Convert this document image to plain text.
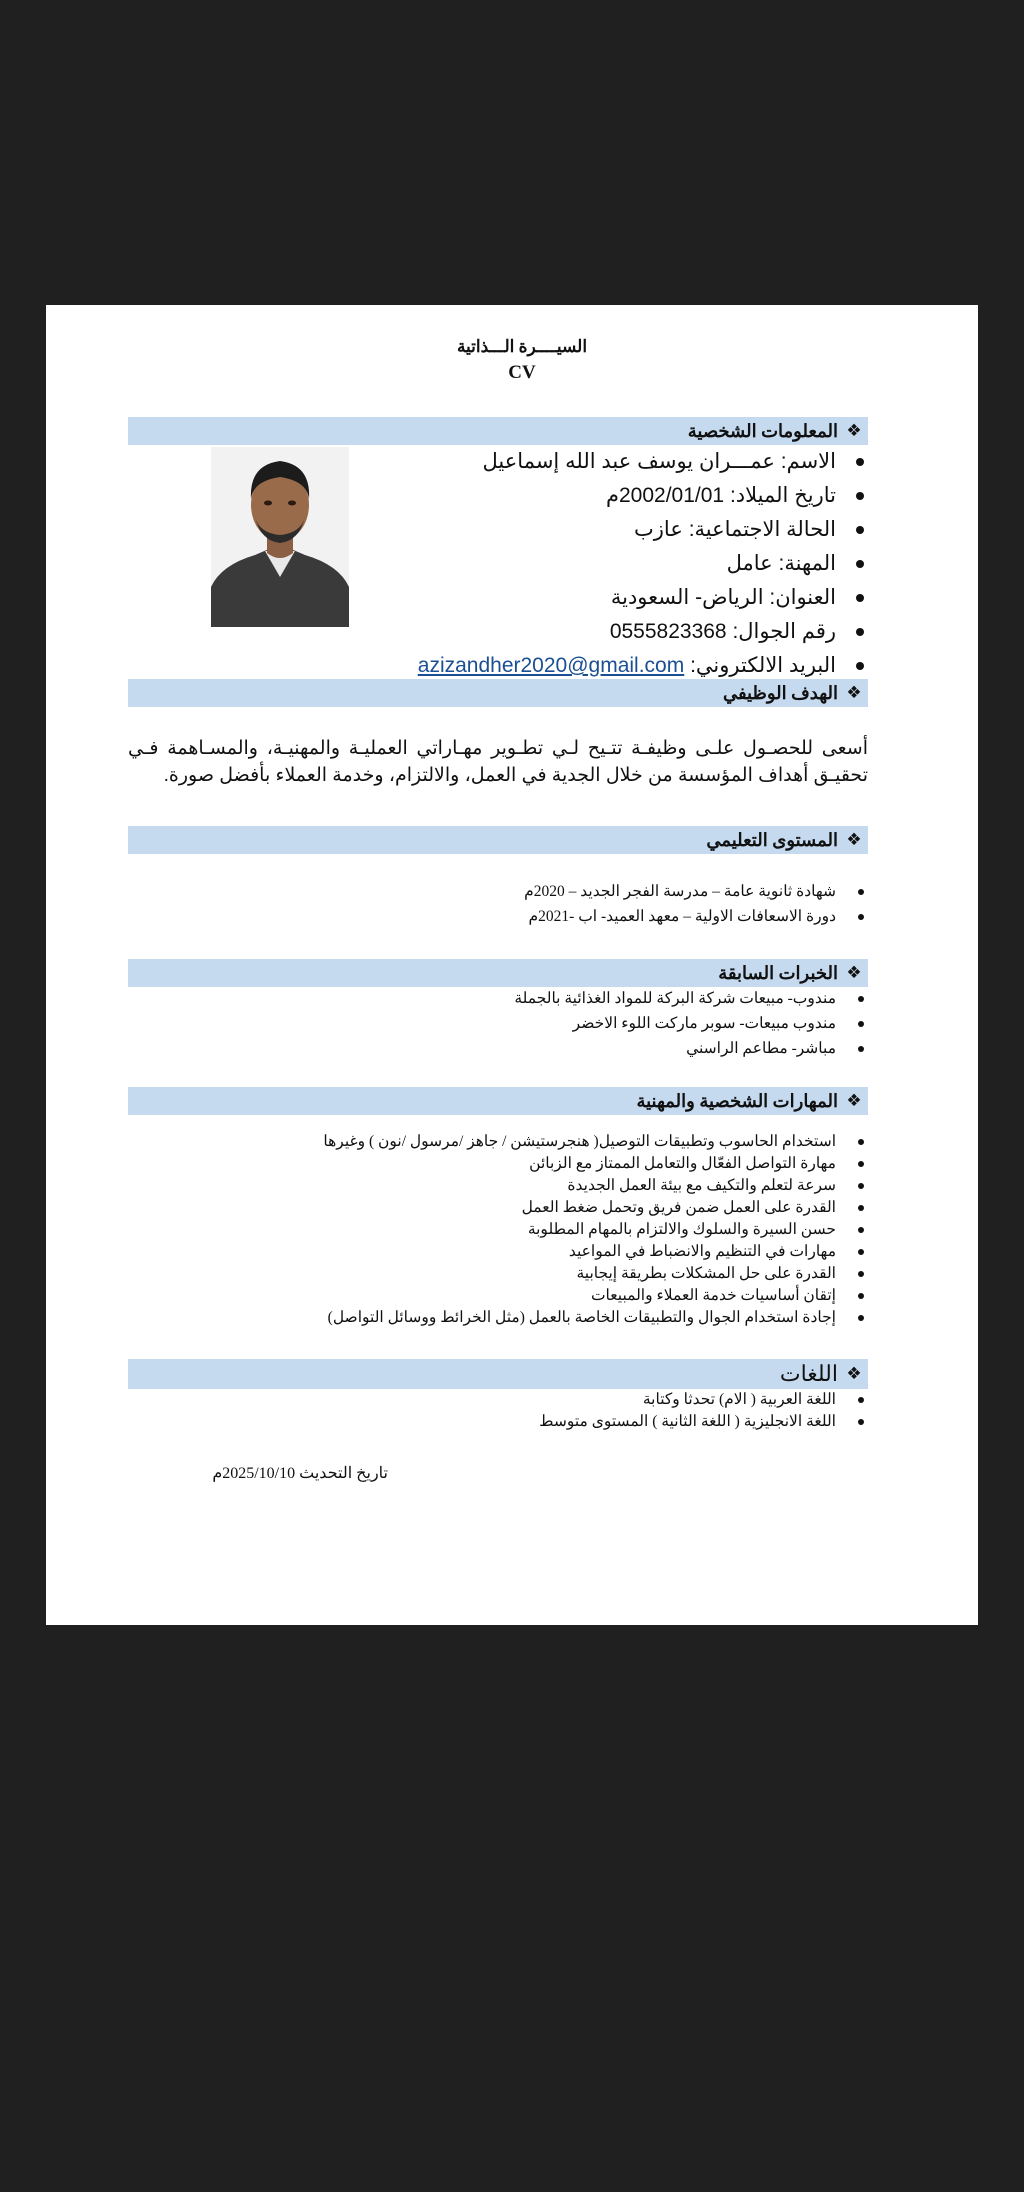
السيــــرة الـــذاتية
CV
❖
المعلومات الشخصية
الاسم: عمـــران يوسف عبد الله إسماعيل
تاريخ الميلاد: 2002/01/01م
الحالة الاجتماعية: عازب
المهنة: عامل
العنوان: الرياض- السعودية
رقم الجوال: 0555823368
البريد الالكتروني: azizandher2020@gmail.com
❖
الهدف الوظيفي
أسعى للحصـول علـى وظيفـة تتـيح لـي تطـوير مهـاراتي العمليـة والمهنيـة، والمسـاهمة فـي تحقيـق أهداف المؤسسة من خلال الجدية في العمل، والالتزام، وخدمة العملاء بأفضل صورة.
❖
المستوى التعليمي
شهادة ثانوية عامة – مدرسة الفجر الجديد – 2020م
دورة الاسعافات الاولية – معهد العميد- اب -2021م
❖
الخبرات السابقة
مندوب- مبيعات شركة البركة للمواد الغذائية بالجملة
مندوب مبيعات- سوبر ماركت اللوء الاخضر
مباشر- مطاعم الراسني
❖
المهارات الشخصية والمهنية
استخدام الحاسوب وتطبيقات التوصيل( هنجرستيشن / جاهز /مرسول /نون ) وغيرها
مهارة التواصل الفعّال والتعامل الممتاز مع الزبائن
سرعة لتعلم والتكيف مع بيئة العمل الجديدة
القدرة على العمل ضمن فريق وتحمل ضغط العمل
حسن السيرة والسلوك والالتزام بالمهام المطلوبة
مهارات في التنظيم والانضباط في المواعيد
القدرة على حل المشكلات بطريقة إيجابية
إتقان أساسيات خدمة العملاء والمبيعات
إجادة استخدام الجوال والتطبيقات الخاصة بالعمل (مثل الخرائط ووسائل التواصل)
❖
اللغات
اللغة العربية ( الام) تحدثا وكتابة
اللغة الانجليزية ( اللغة الثانية ) المستوى متوسط
تاريخ التحديث 2025/10/10م
